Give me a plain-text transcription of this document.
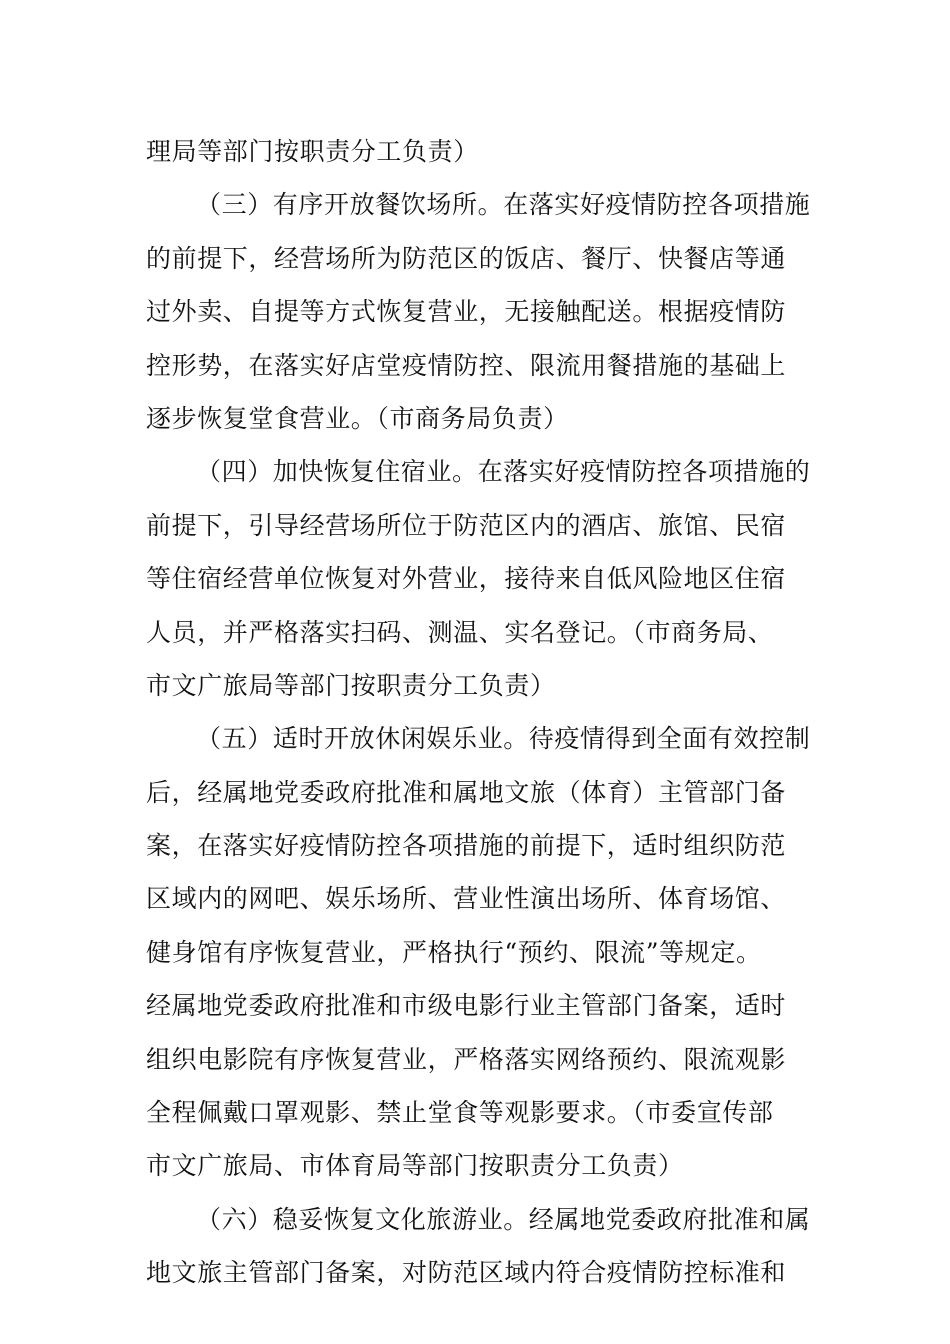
理局等部门按职责分工负责）
（三）有序开放餐饮场所。在落实好疫情防控各项措施
的前提下，经营场所为防范区的饭店、餐厅、快餐店等通
过外卖、自提等方式恢复营业，无接触配送。根据疫情防
控形势，在落实好店堂疫情防控、限流用餐措施的基础上
逐步恢复堂食营业。（市商务局负责）
（四）加快恢复住宿业。在落实好疫情防控各项措施的
前提下，引导经营场所位于防范区内的酒店、旅馆、民宿
等住宿经营单位恢复对外营业，接待来自低风险地区住宿
人员，并严格落实扫码、测温、实名登记。（市商务局、
市文广旅局等部门按职责分工负责）
（五）适时开放休闲娱乐业。待疫情得到全面有效控制
后，经属地党委政府批准和属地文旅（体育）主管部门备
案，在落实好疫情防控各项措施的前提下，适时组织防范
区域内的网吧、娱乐场所、营业性演出场所、体育场馆、
健身馆有序恢复营业，严格执行“预约、限流”等规定。
经属地党委政府批准和市级电影行业主管部门备案，适时
组织电影院有序恢复营业，严格落实网络预约、限流观影
全程佩戴口罩观影、禁止堂食等观影要求。（市委宣传部
市文广旅局、市体育局等部门按职责分工负责）
（六）稳妥恢复文化旅游业。经属地党委政府批准和属
地文旅主管部门备案，对防范区域内符合疫情防控标准和
